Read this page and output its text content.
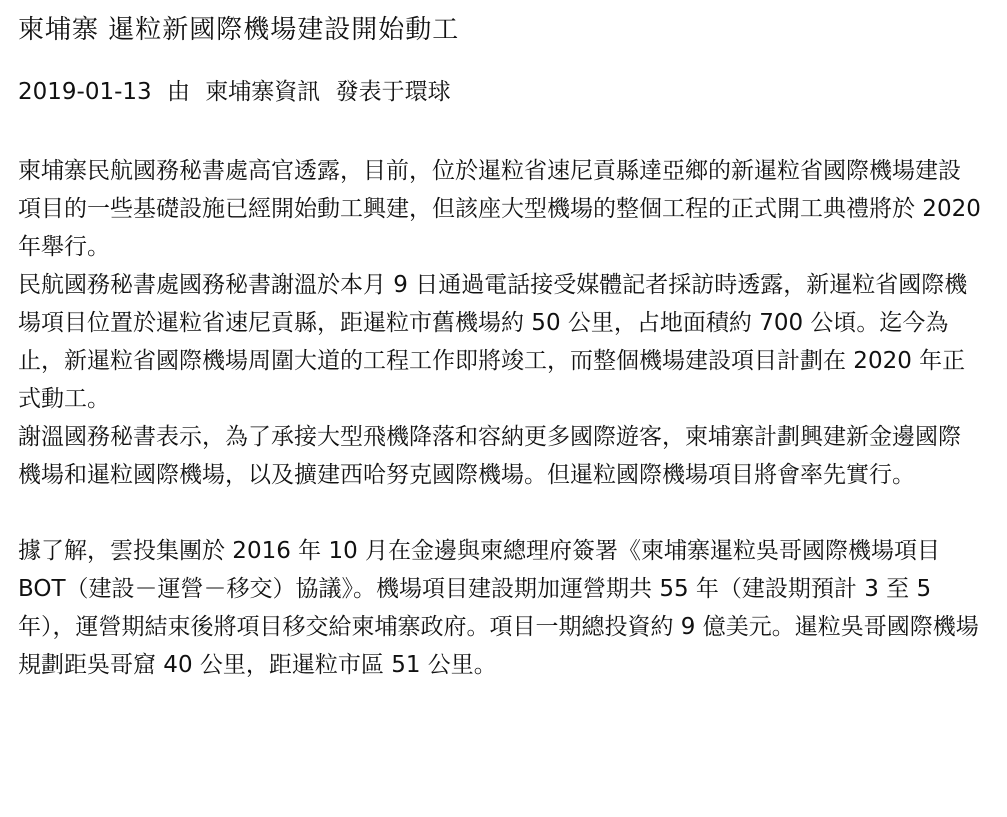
柬埔寨 暹粒新國際機場建設開始動工
2019-01-13 由 柬埔寨資訊 發表于環球

柬埔寨民航國務秘書處高官透露，目前，位於暹粒省速尼貢縣達亞鄉的新暹粒省國際機場建設項目的一些基礎設施已經開始動工興建，但該座大型機場的整個工程的正式開工典禮將於 2020 年舉行。

民航國務秘書處國務秘書謝溫於本月 9 日通過電話接受媒體記者採訪時透露，新暹粒省國際機場項目位置於暹粒省速尼貢縣，距暹粒市舊機場約 50 公里，占地面積約 700 公頃。迄今為止，新暹粒省國際機場周圍大道的工程工作即將竣工，而整個機場建設項目計劃在 2020 年正式動工。

謝溫國務秘書表示，為了承接大型飛機降落和容納更多國際遊客，柬埔寨計劃興建新金邊國際機場和暹粒國際機場，以及擴建西哈努克國際機場。但暹粒國際機場項目將會率先實行。

據了解，雲投集團於 2016 年 10 月在金邊與柬總理府簽署《柬埔寨暹粒吳哥國際機場項目 BOT（建設－運營－移交）協議》。機場項目建設期加運營期共 55 年（建設期預計 3 至 5 年），運營期結束後將項目移交給柬埔寨政府。項目一期總投資約 9 億美元。暹粒吳哥國際機場規劃距吳哥窟 40 公里，距暹粒市區 51 公里。
